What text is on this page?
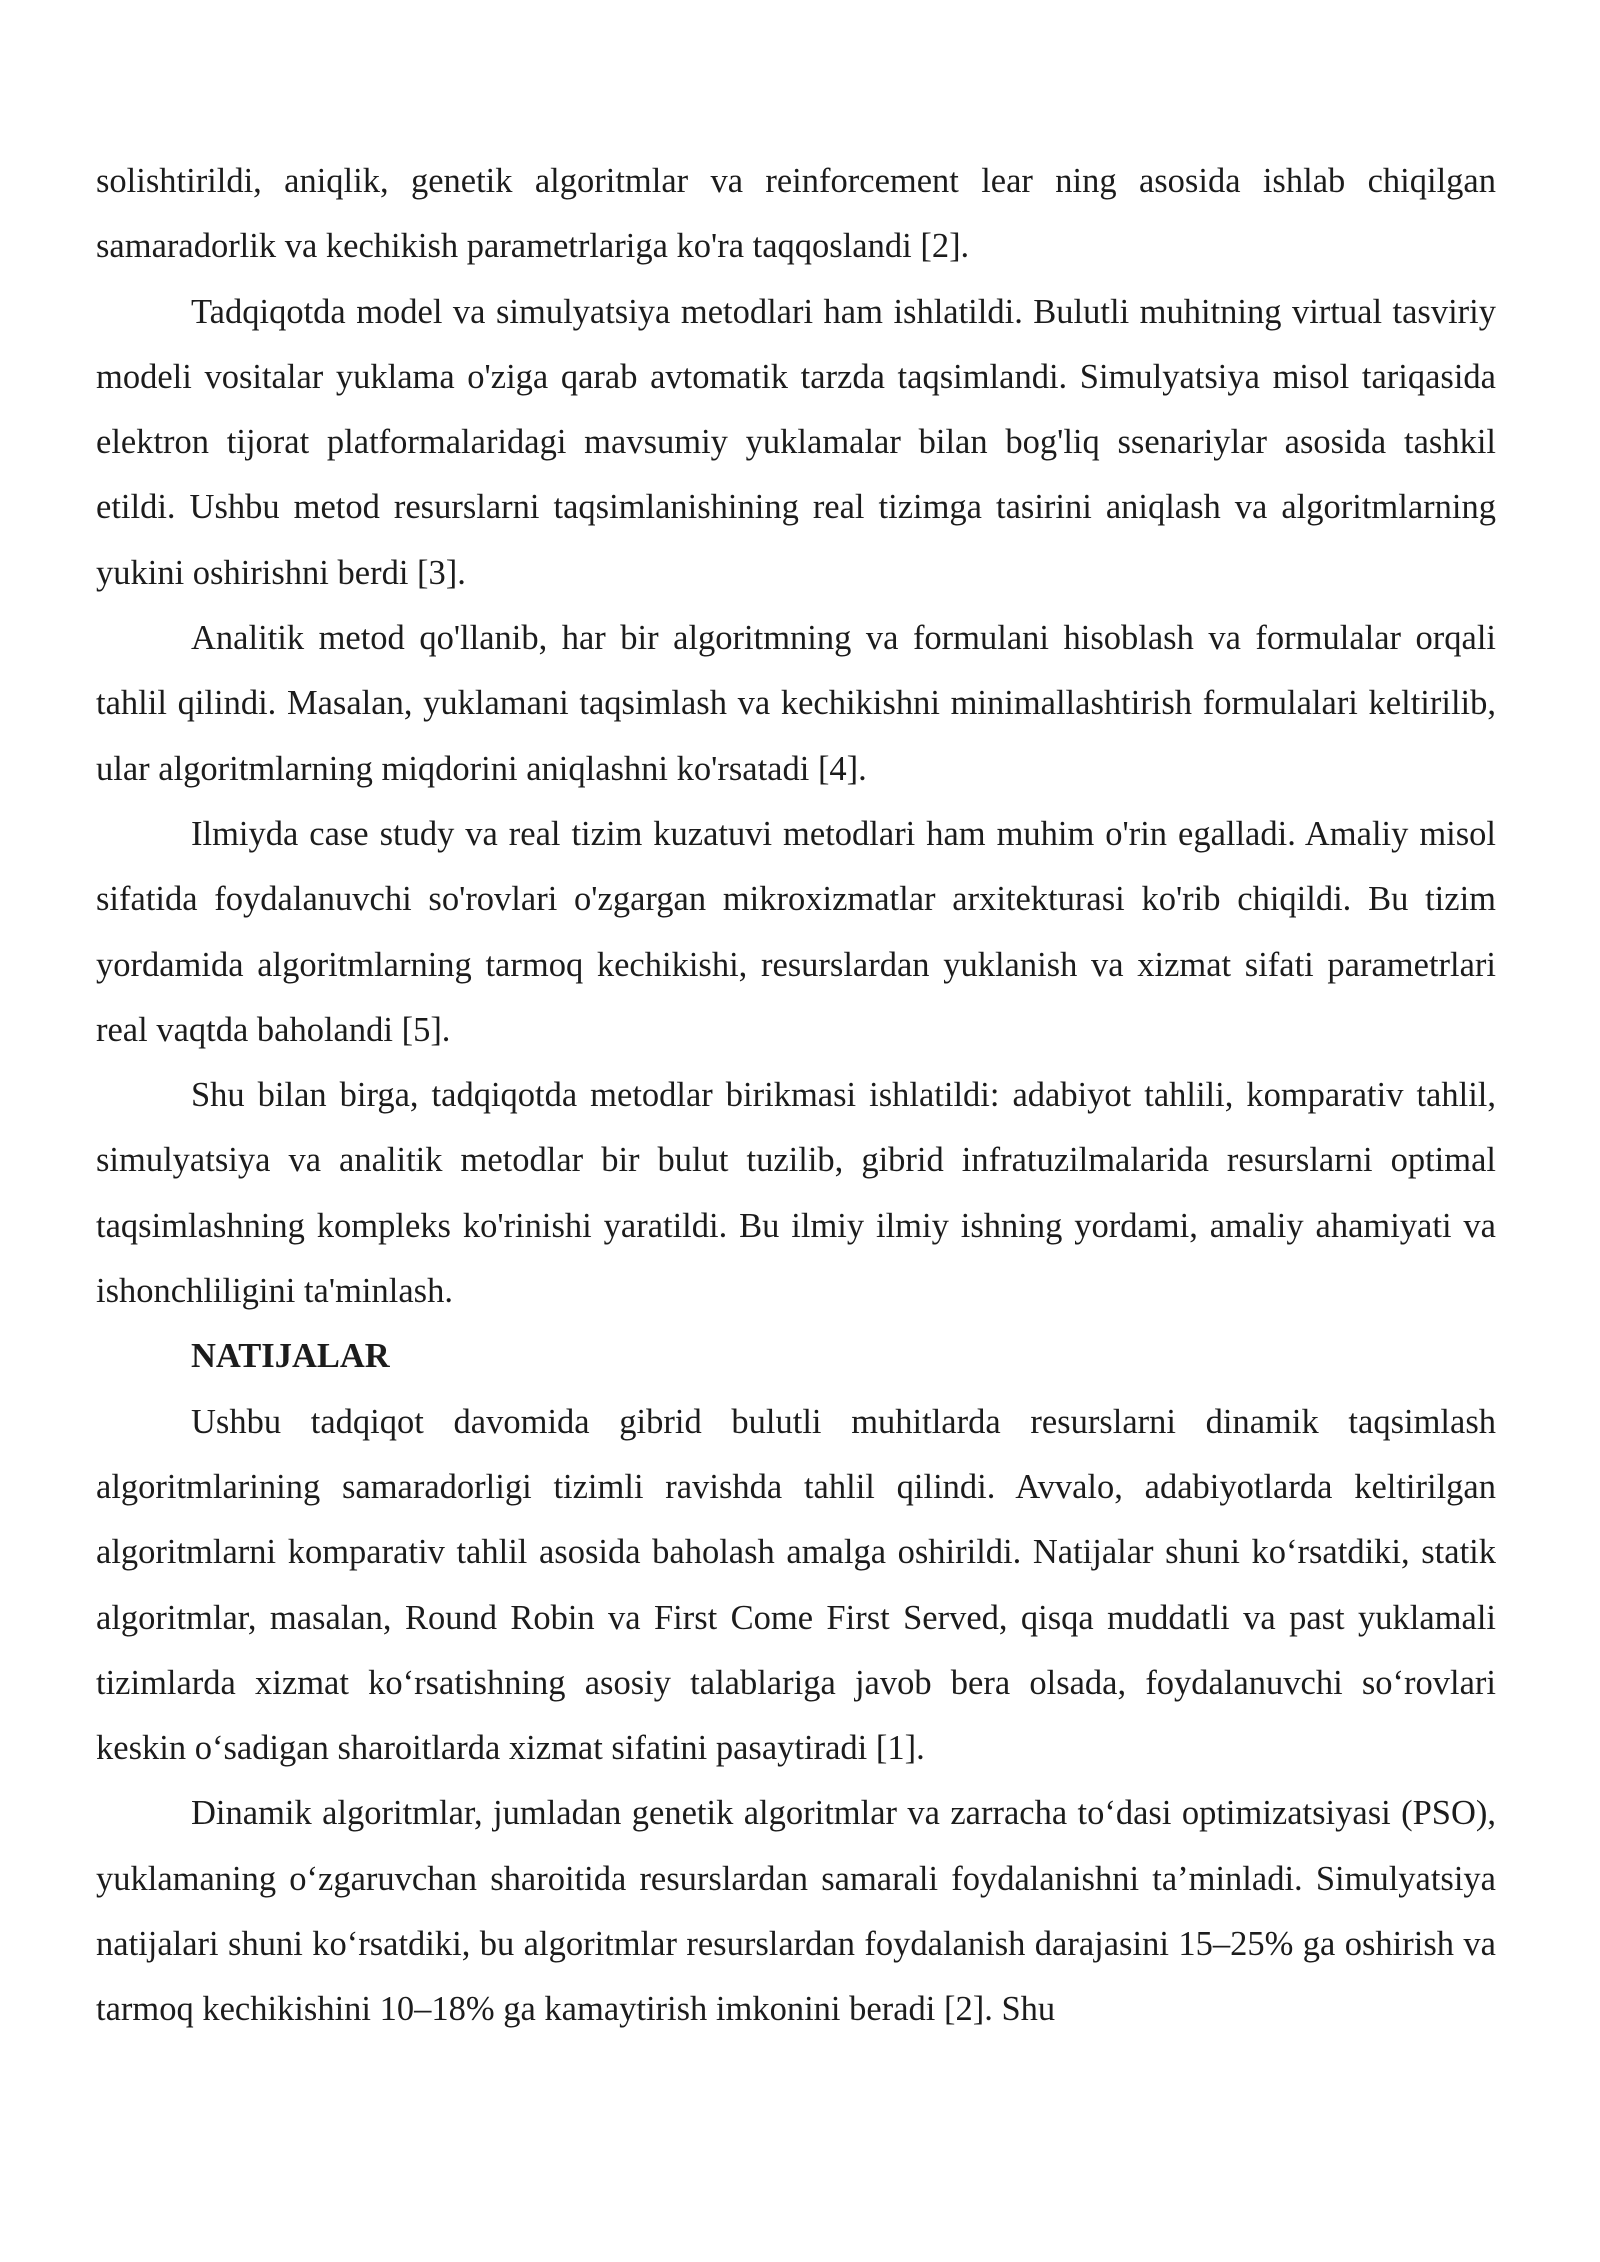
solishtirildi, aniqlik, genetik algoritmlar va reinforcement lear ning asosida ishlab chiqilgan samaradorlik va kechikish parametrlariga ko'ra taqqoslandi [2].

Tadqiqotda model va simulyatsiya metodlari ham ishlatildi. Bulutli muhitning virtual tasviriy modeli vositalar yuklama o'ziga qarab avtomatik tarzda taqsimlandi. Simulyatsiya misol tariqasida elektron tijorat platformalaridagi mavsumiy yuklamalar bilan bog'liq ssenariylar asosida tashkil etildi. Ushbu metod resurslarni taqsimlanishining real tizimga tasirini aniqlash va algoritmlarning yukini oshirishni berdi [3].

Analitik metod qo'llanib, har bir algoritmning va formulani hisoblash va formulalar orqali tahlil qilindi. Masalan, yuklamani taqsimlash va kechikishni minimallashtirish formulalari keltirilib, ular algoritmlarning miqdorini aniqlashni ko'rsatadi [4].

Ilmiyda case study va real tizim kuzatuvi metodlari ham muhim o'rin egalladi. Amaliy misol sifatida foydalanuvchi so'rovlari o'zgargan mikroxizmatlar arxitekturasi ko'rib chiqildi. Bu tizim yordamida algoritmlarning tarmoq kechikishi, resurslardan yuklanish va xizmat sifati parametrlari real vaqtda baholandi [5].

Shu bilan birga, tadqiqotda metodlar birikmasi ishlatildi: adabiyot tahlili, komparativ tahlil, simulyatsiya va analitik metodlar bir bulut tuzilib, gibrid infratuzilmalarida resurslarni optimal taqsimlashning kompleks ko'rinishi yaratildi. Bu ilmiy ilmiy ishning yordami, amaliy ahamiyati va ishonchliligini ta'minlash.

NATIJALAR

Ushbu tadqiqot davomida gibrid bulutli muhitlarda resurslarni dinamik taqsimlash algoritmlarining samaradorligi tizimli ravishda tahlil qilindi. Avvalo, adabiyotlarda keltirilgan algoritmlarni komparativ tahlil asosida baholash amalga oshirildi. Natijalar shuni ko‘rsatdiki, statik algoritmlar, masalan, Round Robin va First Come First Served, qisqa muddatli va past yuklamali tizimlarda xizmat ko‘rsatishning asosiy talablariga javob bera olsada, foydalanuvchi so‘rovlari keskin o‘sadigan sharoitlarda xizmat sifatini pasaytiradi [1].

Dinamik algoritmlar, jumladan genetik algoritmlar va zarracha to‘dasi optimizatsiyasi (PSO), yuklamaning o‘zgaruvchan sharoitida resurslardan samarali foydalanishni ta’minladi. Simulyatsiya natijalari shuni ko‘rsatdiki, bu algoritmlar resurslardan foydalanish darajasini 15–25% ga oshirish va tarmoq kechikishini 10–18% ga kamaytirish imkonini beradi [2]. Shu
